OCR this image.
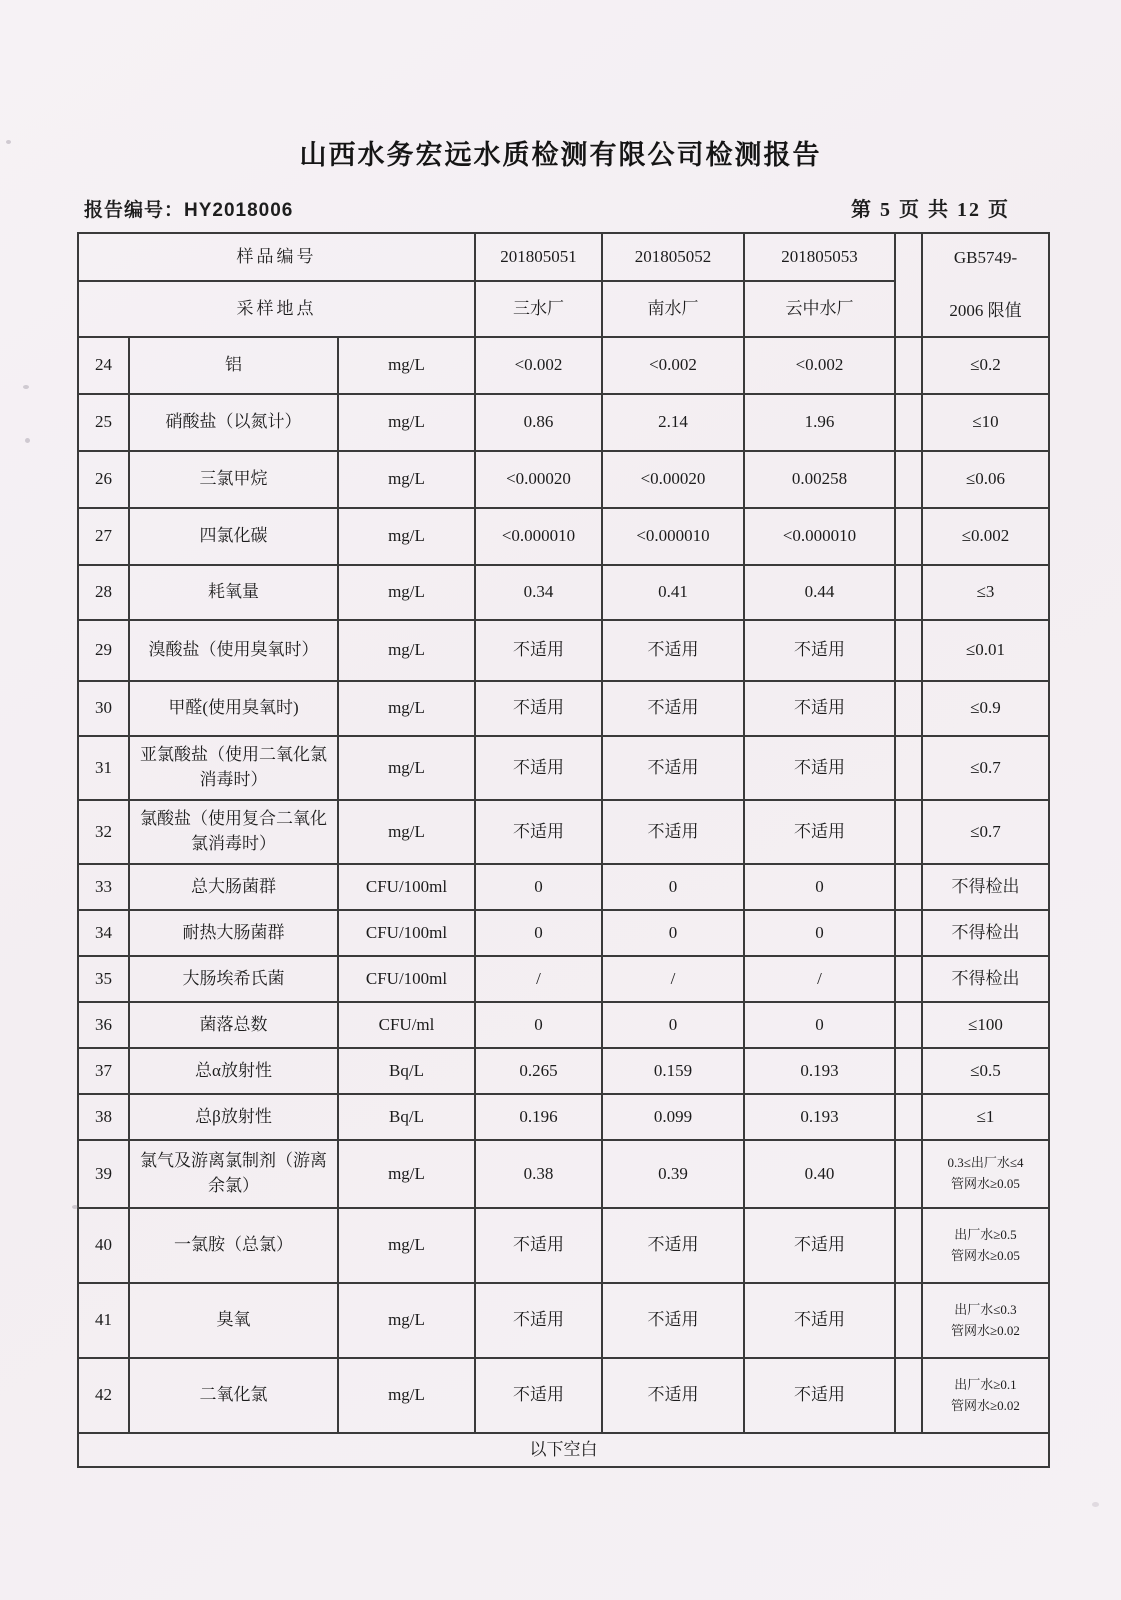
山西水务宏远水质检测有限公司检测报告
报告编号：HY2018006	第 5 页 共 12 页
样品编号			201805051	201805052	201805053		GB5749-
2006 限值

采样地点			三水厂	南水厂	云中水厂		
24	铝	mg/L	<0.002	<0.002	<0.002		≤0.2

25	硝酸盐（以氮计）	mg/L	0.86	2.14	1.96		≤10

26	三氯甲烷	mg/L	<0.00020	<0.00020	0.00258		≤0.06

27	四氯化碳	mg/L	<0.000010	<0.000010	<0.000010		≤0.002

28	耗氧量	mg/L	0.34	0.41	0.44		≤3

29	溴酸盐（使用臭氧时）	mg/L	不适用	不适用	不适用		≤0.01

30	甲醛(使用臭氧时)	mg/L	不适用	不适用	不适用		≤0.9

31	亚氯酸盐（使用二氧化氯消毒时）	mg/L	不适用	不适用	不适用		≤0.7

32	氯酸盐（使用复合二氧化氯消毒时）	mg/L	不适用	不适用	不适用		≤0.7

33	总大肠菌群	CFU/100ml	0	0	0		不得检出

34	耐热大肠菌群	CFU/100ml	0	0	0		不得检出

35	大肠埃希氏菌	CFU/100ml	/	/	/		不得检出

36	菌落总数	CFU/ml	0	0	0		≤100

37	总α放射性	Bq/L	0.265	0.159	0.193		≤0.5

38	总β放射性	Bq/L	0.196	0.099	0.193		≤1

39	氯气及游离氯制剂（游离余氯）	mg/L	0.38	0.39	0.40		0.3≤出厂水≤4
管网水≥0.05

40	一氯胺（总氯）	mg/L	不适用	不适用	不适用		出厂水≥0.5
管网水≥0.05

41	臭氧	mg/L	不适用	不适用	不适用		出厂水≤0.3
管网水≥0.02

42	二氧化氯	mg/L	不适用	不适用	不适用		出厂水≥0.1
管网水≥0.02

以下空白							
